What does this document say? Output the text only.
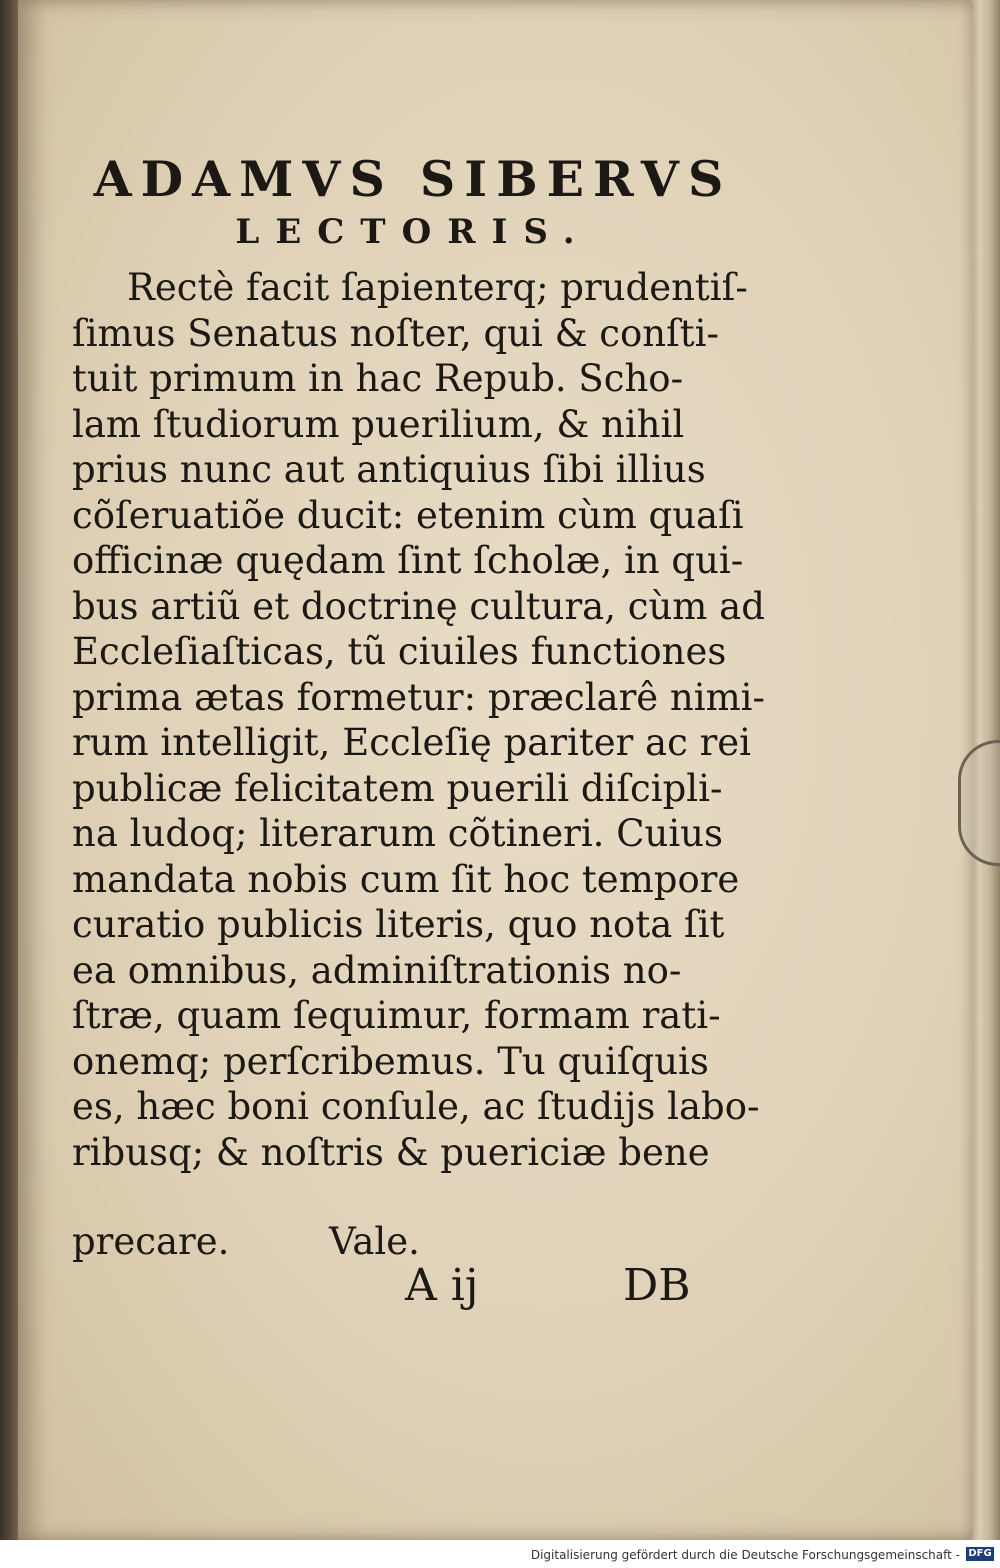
ADAMVS SIBERVS
LECTORIS.
Rectè facit ſapienterq; prudentiſ-
ſimus Senatus noſter, qui & conſti-
tuit primum in hac Repub. Scho-
lam ſtudiorum puerilium, & nihil
prius nunc aut antiquius ſibi illius
cõſeruatiõe ducit: etenim cùm quaſi
officinæ quędam ſint ſcholæ, in qui-
bus artiũ et doctrinę cultura, cùm ad
Eccleſiaſticas, tũ ciuiles functiones
prima ætas formetur: præclarê nimi-
rum intelligit, Eccleſię pariter ac rei
publicæ felicitatem puerili diſcipli-
na ludoq; literarum cõtineri. Cuius
mandata nobis cum ſit hoc tempore
curatio publicis literis, quo nota ſit
ea omnibus, adminiſtrationis no-
ſtræ, quam ſequimur, formam rati-
onemq; perſcribemus. Tu quiſquis
es, hæc boni conſule, ac ſtudijs labo-
ribusq; & noſtris & puericiæ bene
precare.	Vale.
A ij	DB
Digitalisierung gefördert durch die Deutsche Forschungsgemeinschaft - DFG
